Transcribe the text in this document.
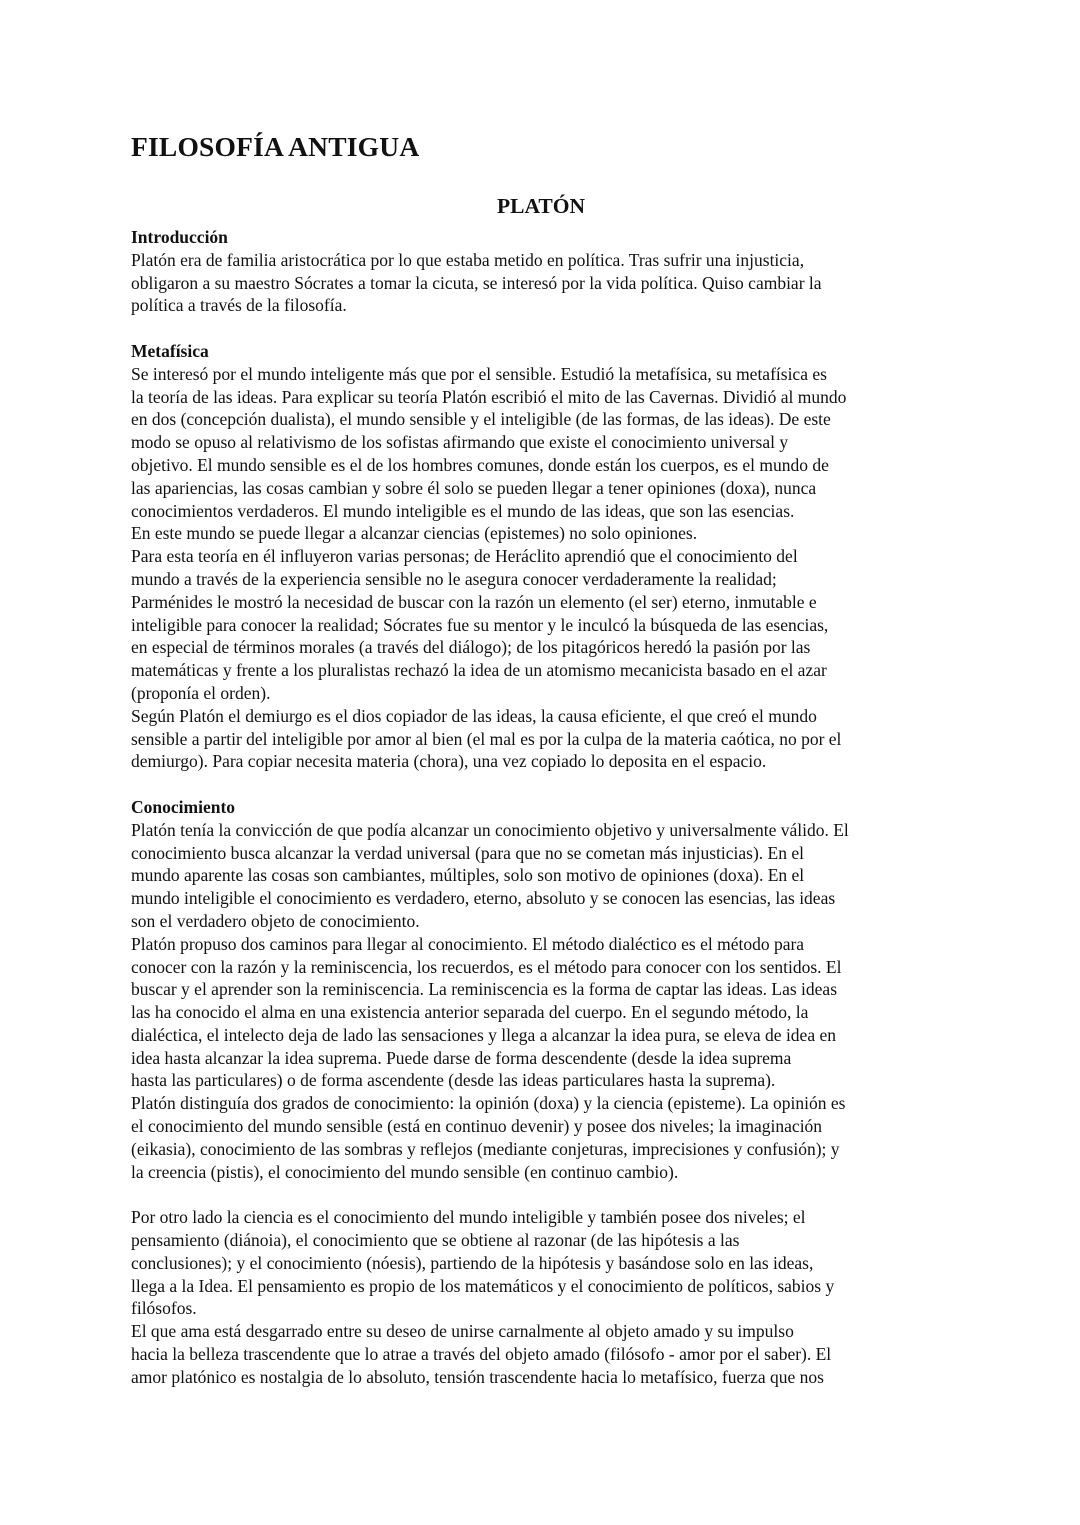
FILOSOFÍA ANTIGUA
PLATÓN
Introducción
Platón era de familia aristocrática por lo que estaba metido en política. Tras sufrir una injusticia,
obligaron a su maestro Sócrates a tomar la cicuta, se interesó por la vida política. Quiso cambiar la
política a través de la filosofía.
Metafísica
Se interesó por el mundo inteligente más que por el sensible. Estudió la metafísica, su metafísica es
la teoría de las ideas. Para explicar su teoría Platón escribió el mito de las Cavernas. Dividió al mundo
en dos (concepción dualista), el mundo sensible y el inteligible (de las formas, de las ideas). De este
modo se opuso al relativismo de los sofistas afirmando que existe el conocimiento universal y
objetivo. El mundo sensible es el de los hombres comunes, donde están los cuerpos, es el mundo de
las apariencias, las cosas cambian y sobre él solo se pueden llegar a tener opiniones (doxa), nunca
conocimientos verdaderos. El mundo inteligible es el mundo de las ideas, que son las esencias.
En este mundo se puede llegar a alcanzar ciencias (epistemes) no solo opiniones.
Para esta teoría en él influyeron varias personas; de Heráclito aprendió que el conocimiento del
mundo a través de la experiencia sensible no le asegura conocer verdaderamente la realidad;
Parménides le mostró la necesidad de buscar con la razón un elemento (el ser) eterno, inmutable e
inteligible para conocer la realidad; Sócrates fue su mentor y le inculcó la búsqueda de las esencias,
en especial de términos morales (a través del diálogo); de los pitagóricos heredó la pasión por las
matemáticas y frente a los pluralistas rechazó la idea de un atomismo mecanicista basado en el azar
(proponía el orden).
Según Platón el demiurgo es el dios copiador de las ideas, la causa eficiente, el que creó el mundo
sensible a partir del inteligible por amor al bien (el mal es por la culpa de la materia caótica, no por el
demiurgo). Para copiar necesita materia (chora), una vez copiado lo deposita en el espacio.
Conocimiento
Platón tenía la convicción de que podía alcanzar un conocimiento objetivo y universalmente válido. El
conocimiento busca alcanzar la verdad universal (para que no se cometan más injusticias). En el
mundo aparente las cosas son cambiantes, múltiples, solo son motivo de opiniones (doxa). En el
mundo inteligible el conocimiento es verdadero, eterno, absoluto y se conocen las esencias, las ideas
son el verdadero objeto de conocimiento.
Platón propuso dos caminos para llegar al conocimiento. El método dialéctico es el método para
conocer con la razón y la reminiscencia, los recuerdos, es el método para conocer con los sentidos. El
buscar y el aprender son la reminiscencia. La reminiscencia es la forma de captar las ideas. Las ideas
las ha conocido el alma en una existencia anterior separada del cuerpo. En el segundo método, la
dialéctica, el intelecto deja de lado las sensaciones y llega a alcanzar la idea pura, se eleva de idea en
idea hasta alcanzar la idea suprema. Puede darse de forma descendente (desde la idea suprema
hasta las particulares) o de forma ascendente (desde las ideas particulares hasta la suprema).
Platón distinguía dos grados de conocimiento: la opinión (doxa) y la ciencia (episteme). La opinión es
el conocimiento del mundo sensible (está en continuo devenir) y posee dos niveles; la imaginación
(eikasia), conocimiento de las sombras y reflejos (mediante conjeturas, imprecisiones y confusión); y
la creencia (pistis), el conocimiento del mundo sensible (en continuo cambio).
Por otro lado la ciencia es el conocimiento del mundo inteligible y también posee dos niveles; el
pensamiento (diánoia), el conocimiento que se obtiene al razonar (de las hipótesis a las
conclusiones); y el conocimiento (nóesis), partiendo de la hipótesis y basándose solo en las ideas,
llega a la Idea. El pensamiento es propio de los matemáticos y el conocimiento de políticos, sabios y
filósofos.
El que ama está desgarrado entre su deseo de unirse carnalmente al objeto amado y su impulso
hacia la belleza trascendente que lo atrae a través del objeto amado (filósofo - amor por el saber). El
amor platónico es nostalgia de lo absoluto, tensión trascendente hacia lo metafísico, fuerza que nos
